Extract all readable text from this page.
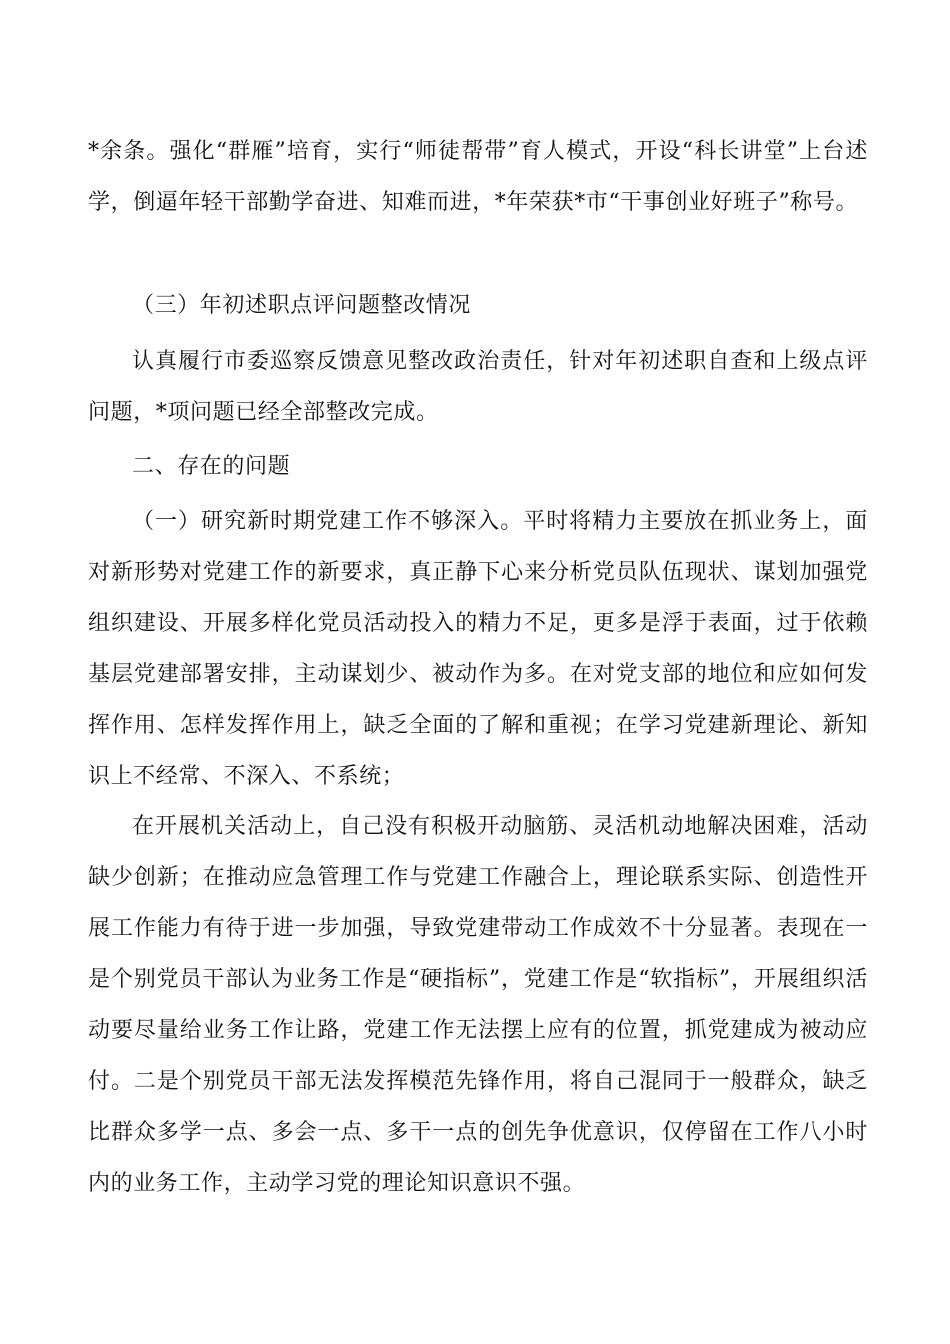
*余条。强化“群雁”培育，实行“师徒帮带”育人模式，开设“科长讲堂”上台述学，倒逼年轻干部勤学奋进、知难而进，*年荣获*市“干事创业好班子”称号。

（三）年初述职点评问题整改情况

认真履行市委巡察反馈意见整改政治责任，针对年初述职自查和上级点评问题，*项问题已经全部整改完成。

二、存在的问题

（一）研究新时期党建工作不够深入。平时将精力主要放在抓业务上，面对新形势对党建工作的新要求，真正静下心来分析党员队伍现状、谋划加强党组织建设、开展多样化党员活动投入的精力不足，更多是浮于表面，过于依赖基层党建部署安排，主动谋划少、被动作为多。在对党支部的地位和应如何发挥作用、怎样发挥作用上，缺乏全面的了解和重视；在学习党建新理论、新知识上不经常、不深入、不系统；

在开展机关活动上，自己没有积极开动脑筋、灵活机动地解决困难，活动缺少创新；在推动应急管理工作与党建工作融合上，理论联系实际、创造性开展工作能力有待于进一步加强，导致党建带动工作成效不十分显著。表现在一是个别党员干部认为业务工作是“硬指标”，党建工作是“软指标”，开展组织活动要尽量给业务工作让路，党建工作无法摆上应有的位置，抓党建成为被动应付。二是个别党员干部无法发挥模范先锋作用，将自己混同于一般群众，缺乏比群众多学一点、多会一点、多干一点的创先争优意识，仅停留在工作八小时内的业务工作，主动学习党的理论知识意识不强。
